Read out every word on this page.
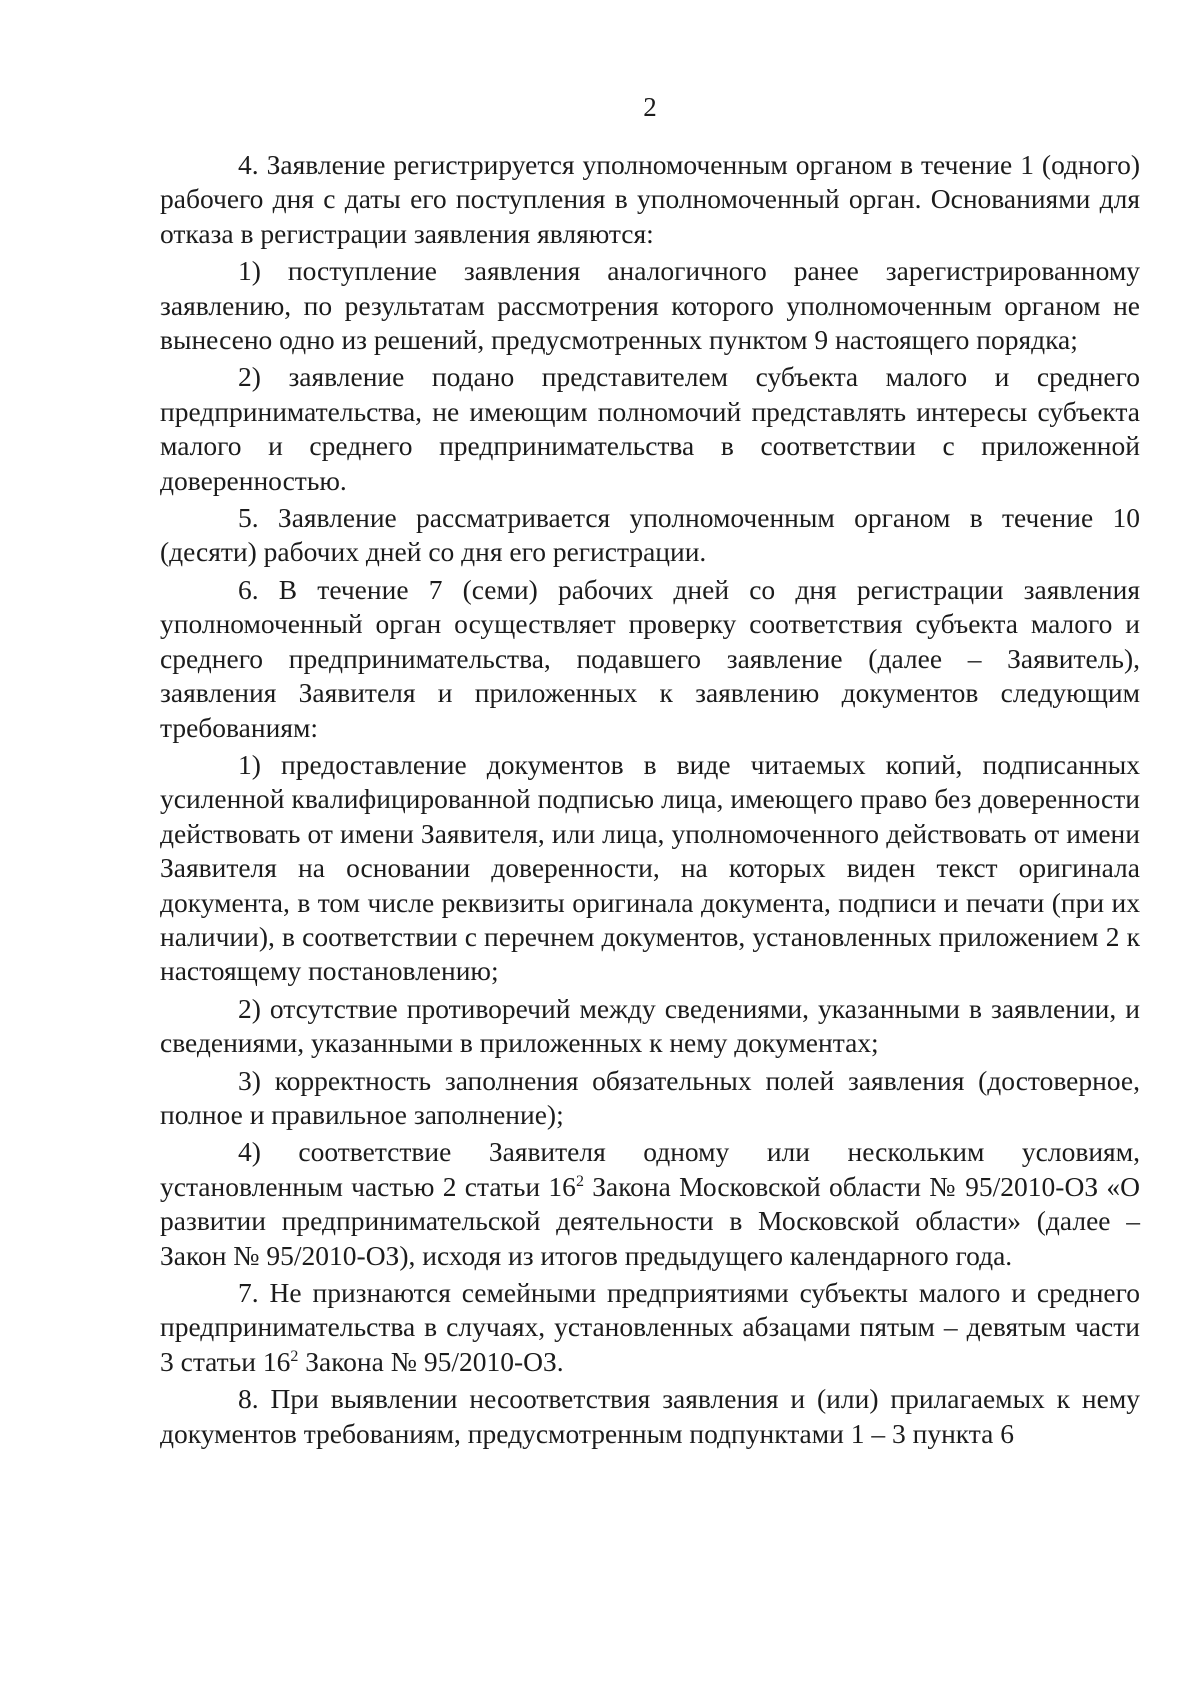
2

4. Заявление регистрируется уполномоченным органом в течение 1 (одного) рабочего дня с даты его поступления в уполномоченный орган. Основаниями для отказа в регистрации заявления являются:

1) поступление заявления аналогичного ранее зарегистрированному заявлению, по результатам рассмотрения которого уполномоченным органом не вынесено одно из решений, предусмотренных пунктом 9 настоящего порядка;

2) заявление подано представителем субъекта малого и среднего предпринимательства, не имеющим полномочий представлять интересы субъекта малого и среднего предпринимательства в соответствии с приложенной доверенностью.

5. Заявление рассматривается уполномоченным органом в течение 10 (десяти) рабочих дней со дня его регистрации.

6. В течение 7 (семи) рабочих дней со дня регистрации заявления уполномоченный орган осуществляет проверку соответствия субъекта малого и среднего предпринимательства, подавшего заявление (далее – Заявитель), заявления Заявителя и приложенных к заявлению документов следующим требованиям:

1) предоставление документов в виде читаемых копий, подписанных усиленной квалифицированной подписью лица, имеющего право без доверенности действовать от имени Заявителя, или лица, уполномоченного действовать от имени Заявителя на основании доверенности, на которых виден текст оригинала документа, в том числе реквизиты оригинала документа, подписи и печати (при их наличии), в соответствии с перечнем документов, установленных приложением 2 к настоящему постановлению;

2) отсутствие противоречий между сведениями, указанными в заявлении, и сведениями, указанными в приложенных к нему документах;

3) корректность заполнения обязательных полей заявления (достоверное, полное и правильное заполнение);

4) соответствие Заявителя одному или нескольким условиям, установленным частью 2 статьи $16^2$ Закона Московской области № 95/2010-ОЗ «О развитии предпринимательской деятельности в Московской области» (далее – Закон № 95/2010-ОЗ), исходя из итогов предыдущего календарного года.

7. Не признаются семейными предприятиями субъекты малого и среднего предпринимательства в случаях, установленных абзацами пятым – девятым части 3 статьи $16^2$ Закона № 95/2010-ОЗ.

8. При выявлении несоответствия заявления и (или) прилагаемых к нему документов требованиям, предусмотренным подпунктами 1 – 3 пункта 6
